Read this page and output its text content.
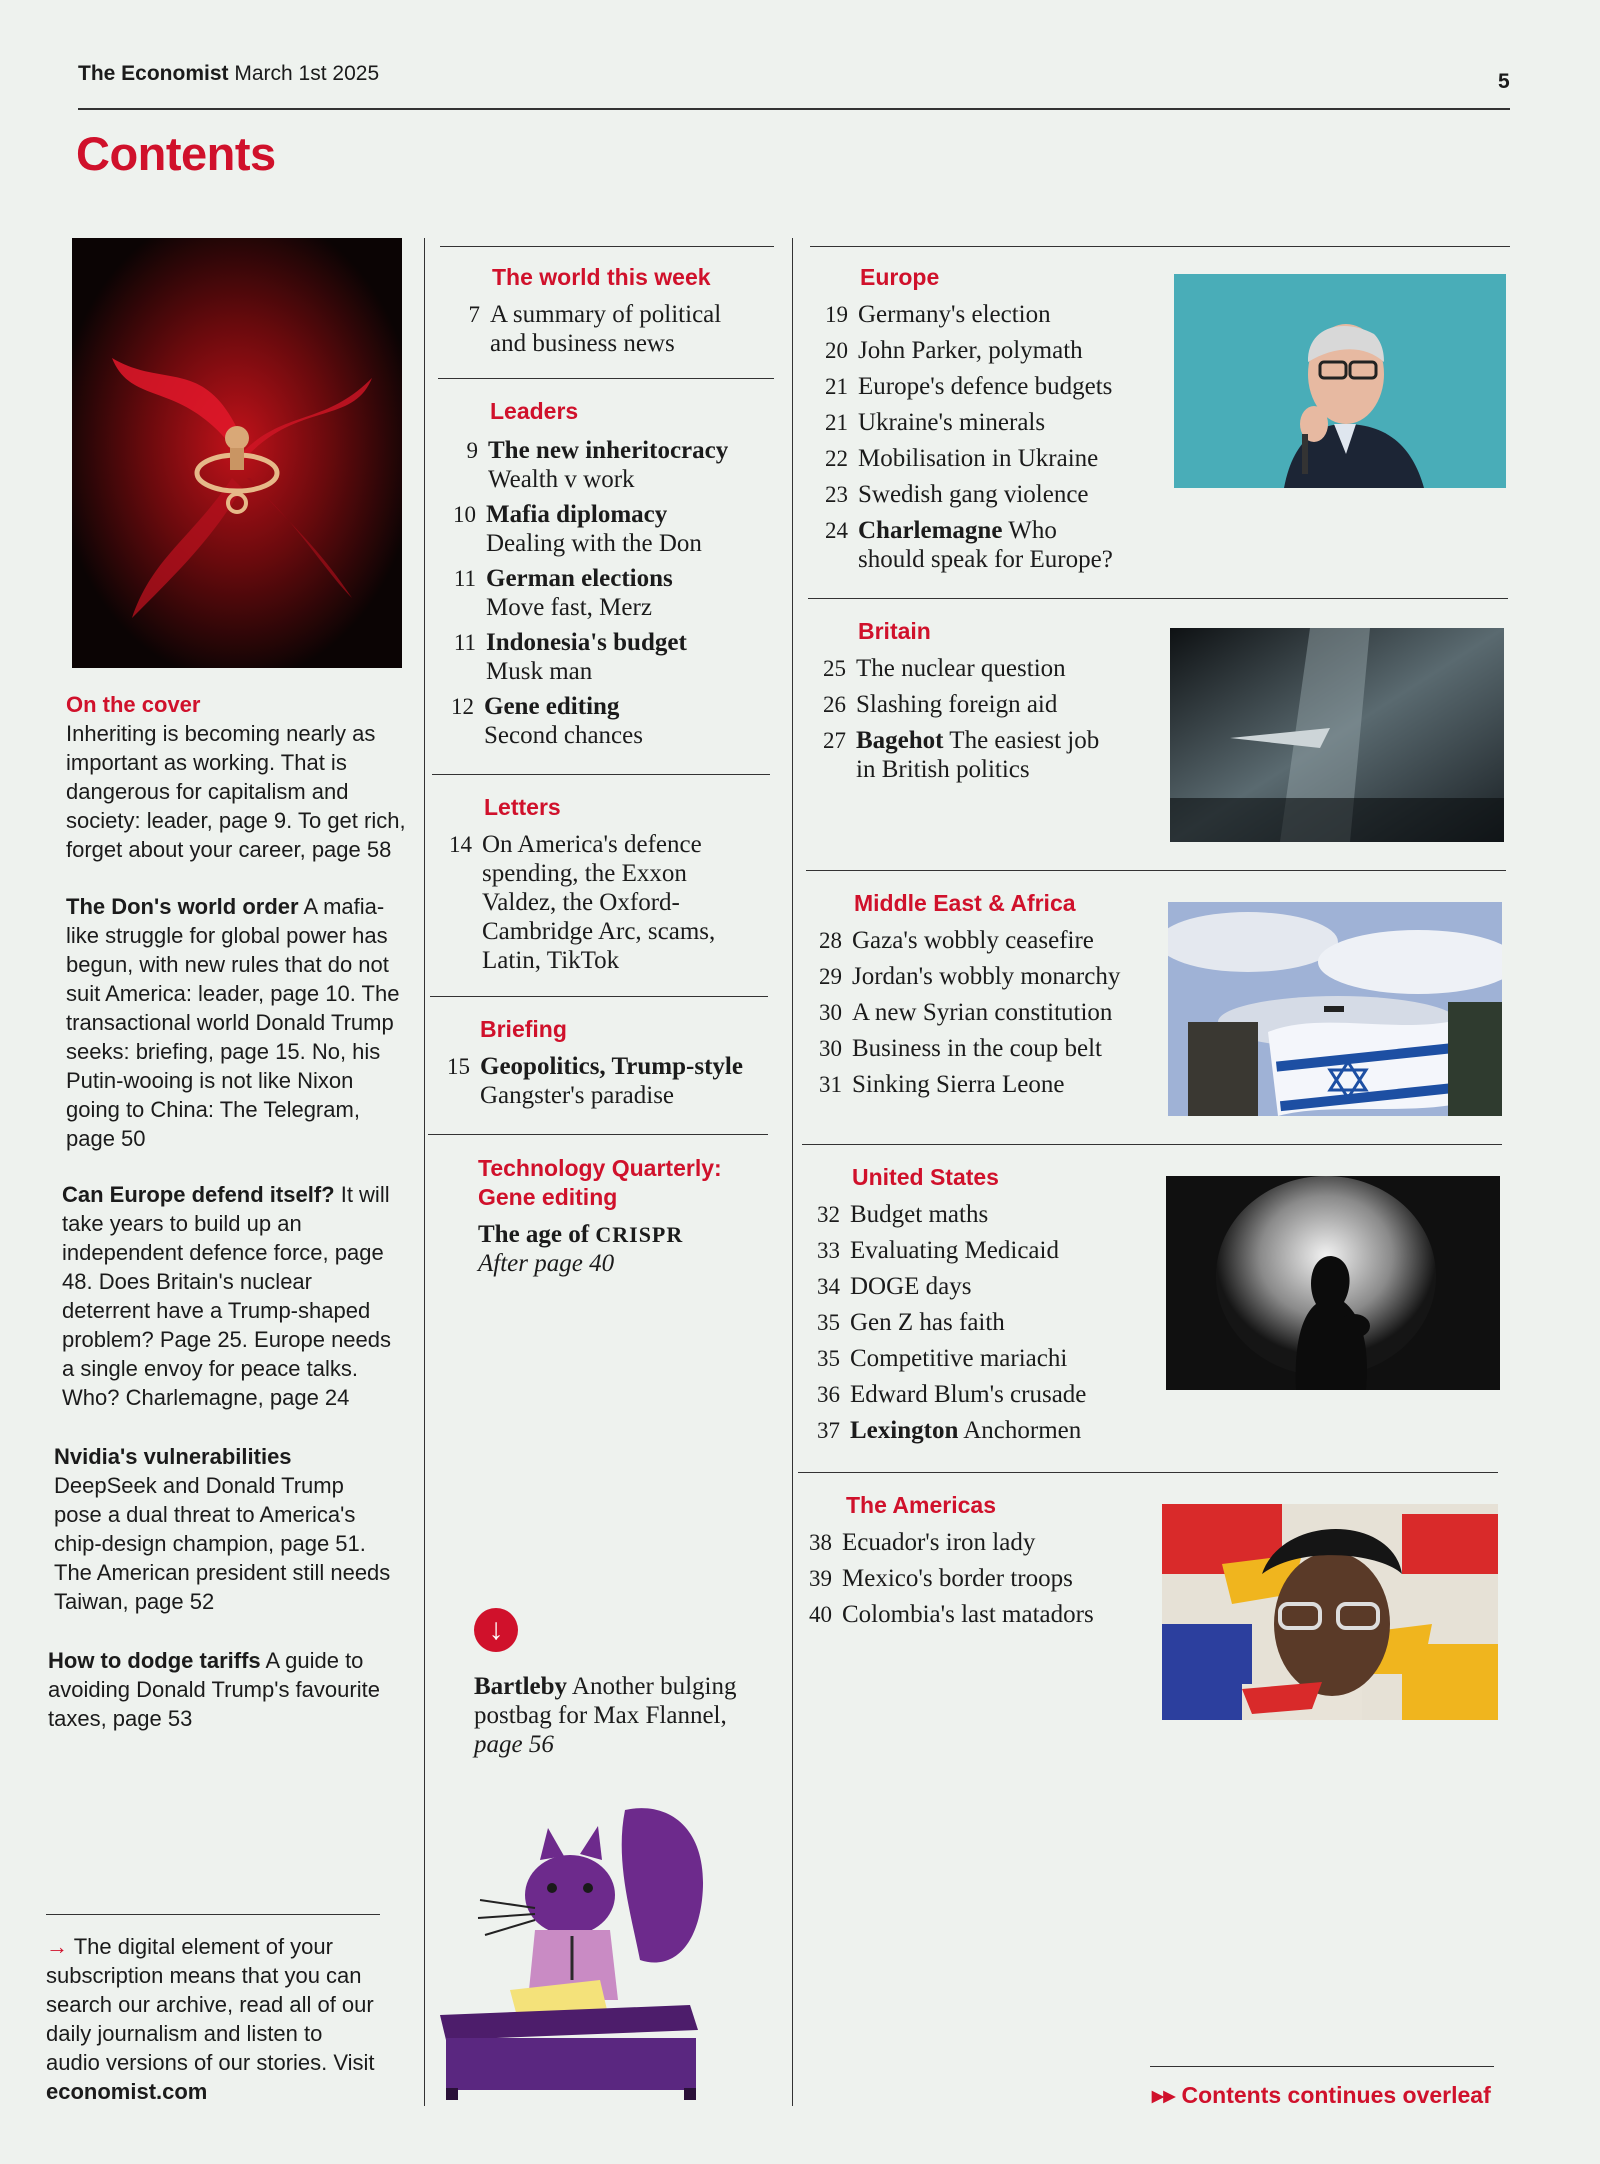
The Economist March 1st 2025	5
Contents
On the cover
Inheriting is becoming nearly as important as working. That is dangerous for capitalism and society: leader, page 9. To get rich, forget about your career, page 58
The Don's world order A mafia-like struggle for global power has begun, with new rules that do not suit America: leader, page 10. The transactional world Donald Trump seeks: briefing, page 15. No, his Putin-wooing is not like Nixon going to China: The Telegram, page 50
Can Europe defend itself? It will take years to build up an independent defence force, page 48. Does Britain's nuclear deterrent have a Trump-shaped problem? Page 25. Europe needs a single envoy for peace talks. Who? Charlemagne, page 24
Nvidia's vulnerabilities DeepSeek and Donald Trump pose a dual threat to America's chip-design champion, page 51. The American president still needs Taiwan, page 52
How to dodge tariffs A guide to avoiding Donald Trump's favourite taxes, page 53
→ The digital element of your subscription means that you can search our archive, read all of our daily journalism and listen to audio versions of our stories. Visit economist.com
The world this week
7 A summary of political
and business news
Leaders
9 The new inheritocracy
Wealth v work
10 Mafia diplomacy
Dealing with the Don
11 German elections
Move fast, Merz
11 Indonesia's budget
Musk man
12 Gene editing
Second chances
Letters
14 On America's defence
spending, the Exxon
Valdez, the Oxford-
Cambridge Arc, scams,
Latin, TikTok
Briefing
15 Geopolitics, Trump-style
Gangster's paradise
Technology Quarterly:
Gene editing
The age of CRISPR
After page 40
↓
Bartleby Another bulging postbag for Max Flannel, page 56
Europe
19 Germany's election
20 John Parker, polymath
21 Europe's defence budgets
21 Ukraine's minerals
22 Mobilisation in Ukraine
23 Swedish gang violence
24 Charlemagne Who
should speak for Europe?
Britain
25 The nuclear question
26 Slashing foreign aid
27 Bagehot The easiest job
in British politics
Middle East & Africa
28 Gaza's wobbly ceasefire
29 Jordan's wobbly monarchy
30 A new Syrian constitution
30 Business in the coup belt
31 Sinking Sierra Leone
United States
32 Budget maths
33 Evaluating Medicaid
34 DOGE days
35 Gen Z has faith
35 Competitive mariachi
36 Edward Blum's crusade
37 Lexington Anchormen
The Americas
38 Ecuador's iron lady
39 Mexico's border troops
40 Colombia's last matadors
▸▸ Contents continues overleaf
